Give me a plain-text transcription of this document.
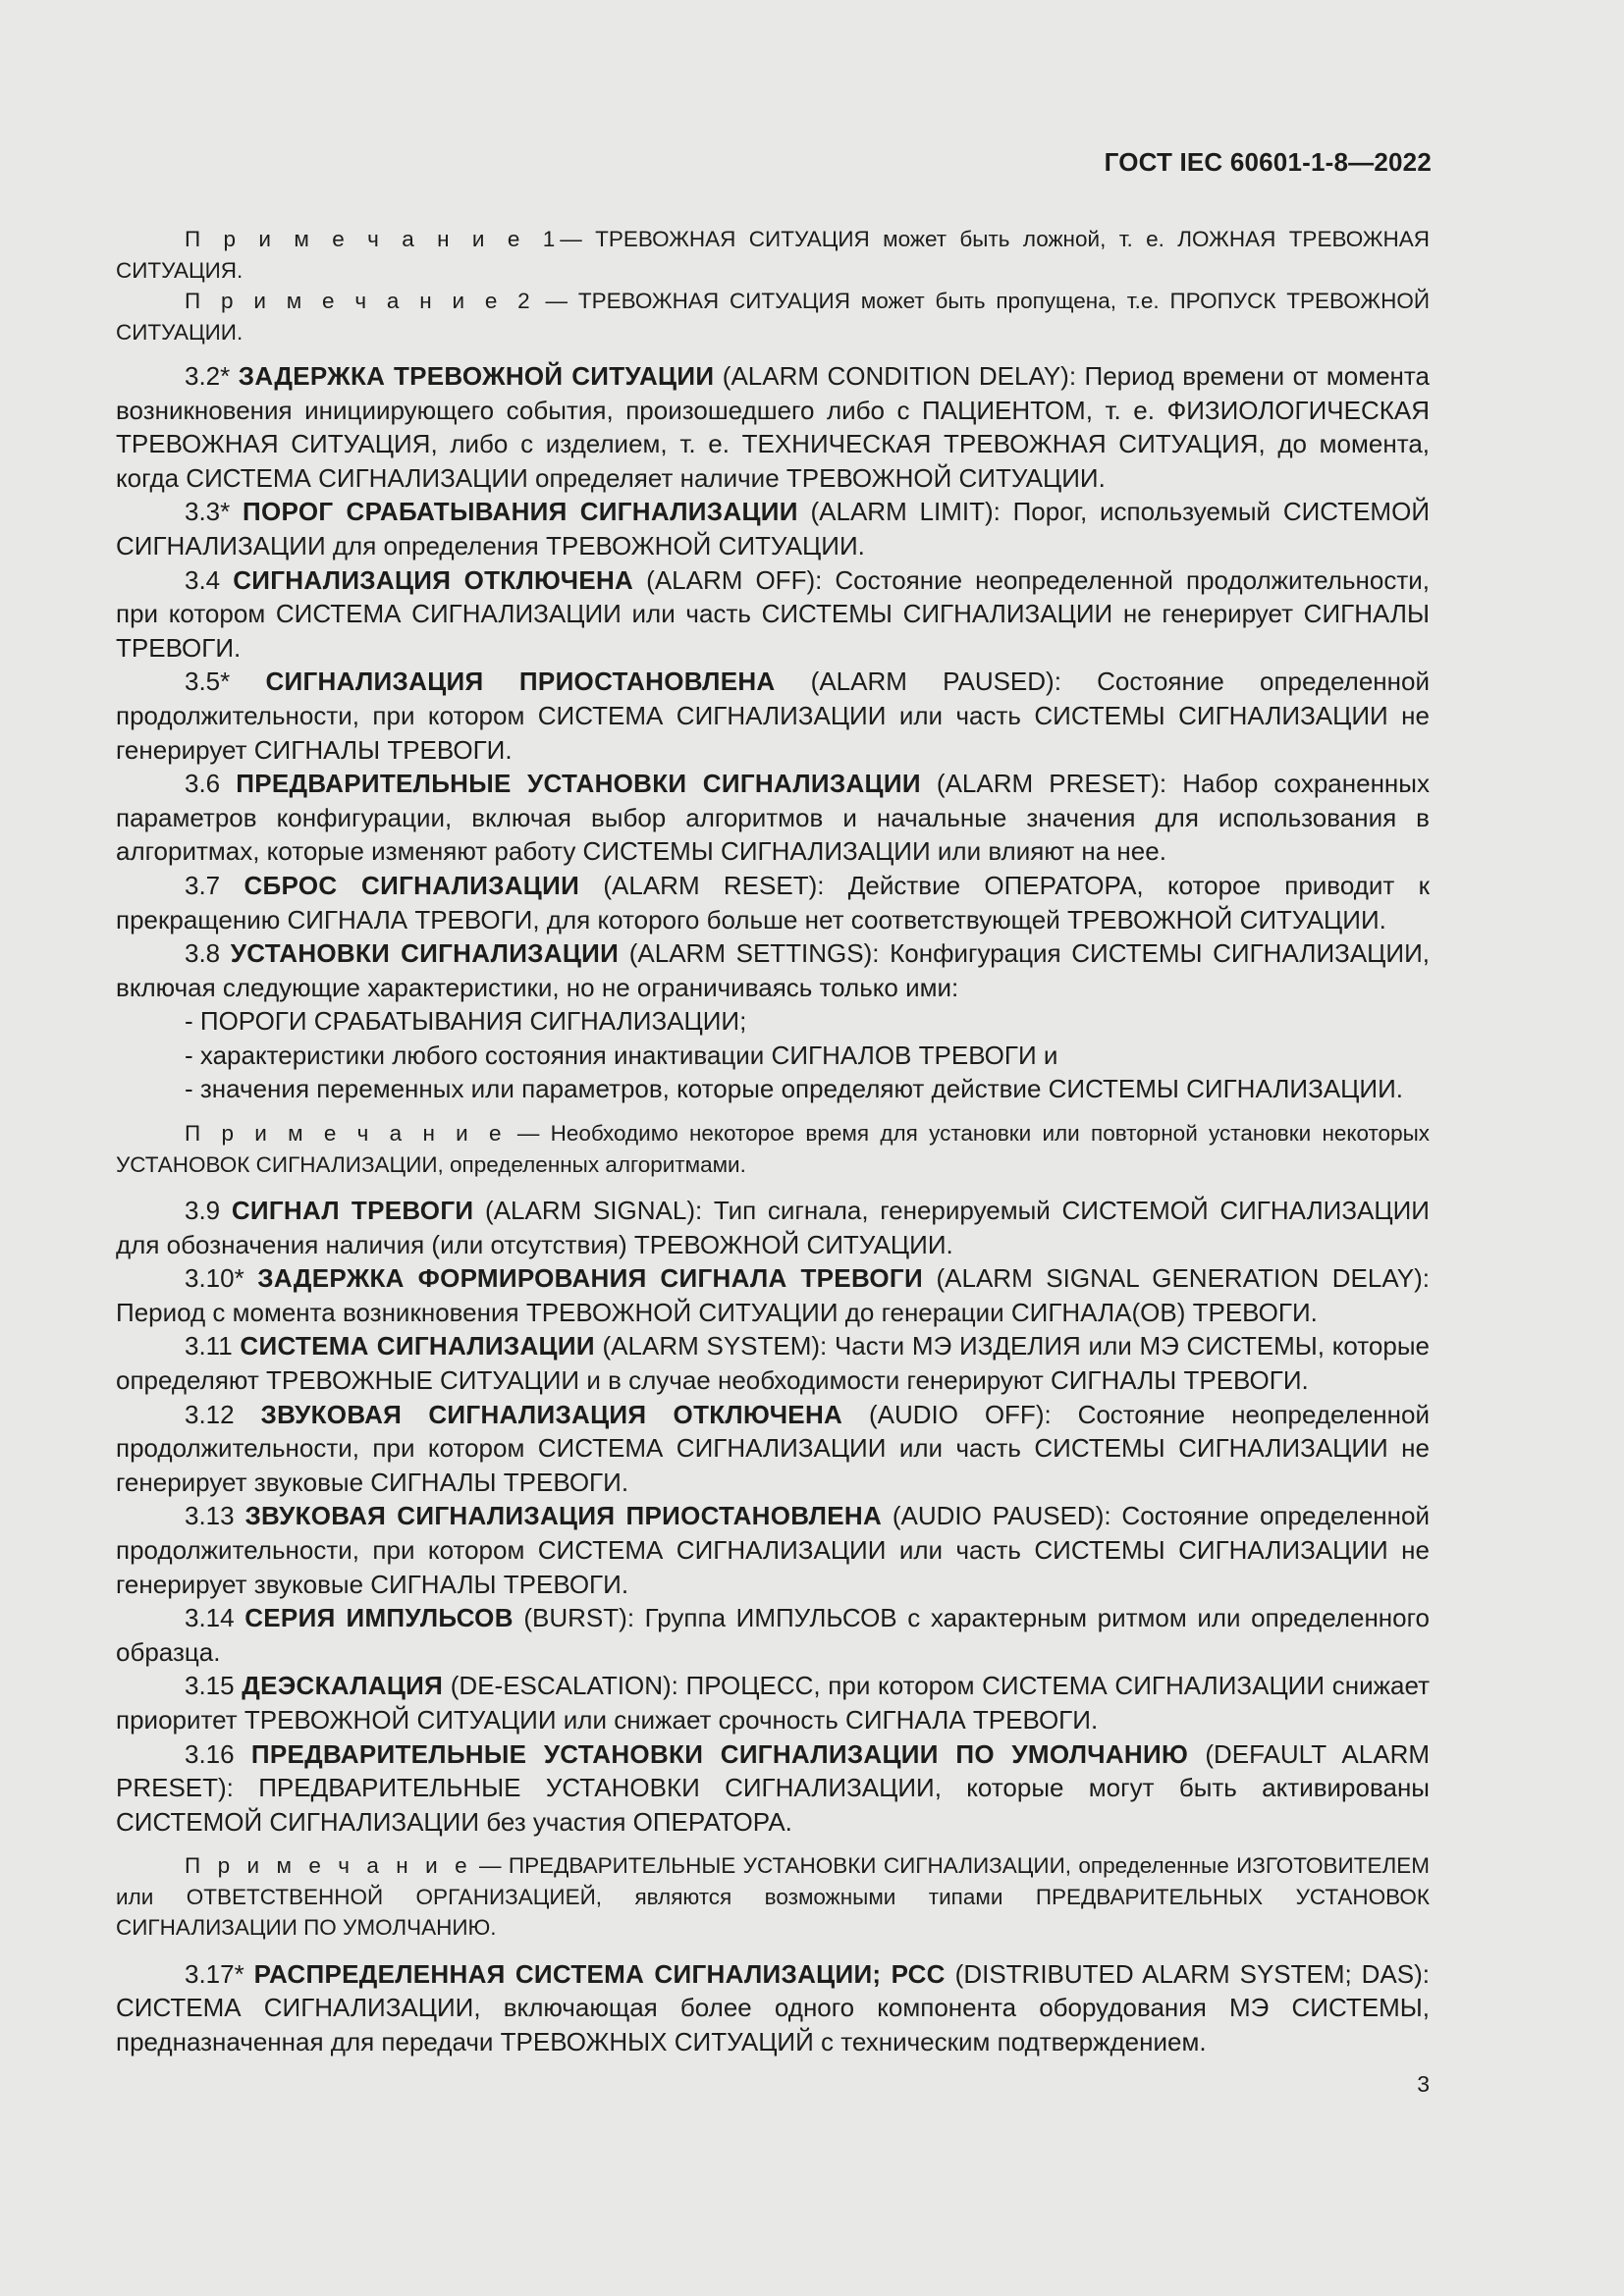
ГОСТ IEC 60601-1-8—2022

П р и м е ч а н и е 1— ТРЕВОЖНАЯ СИТУАЦИЯ может быть ложной, т. е. ЛОЖНАЯ ТРЕВОЖНАЯ СИТУАЦИЯ.

П р и м е ч а н и е 2 — ТРЕВОЖНАЯ СИТУАЦИЯ может быть пропущена, т.е. ПРОПУСК ТРЕВОЖНОЙ СИТУАЦИИ.

3.2* ЗАДЕРЖКА ТРЕВОЖНОЙ СИТУАЦИИ (ALARM CONDITION DELAY): Период времени от момента возникновения инициирующего события, произошедшего либо с ПАЦИЕНТОМ, т. е. ФИЗИОЛОГИЧЕСКАЯ ТРЕВОЖНАЯ СИТУАЦИЯ, либо с изделием, т. е. ТЕХНИЧЕСКАЯ ТРЕВОЖНАЯ СИТУАЦИЯ, до момента, когда СИСТЕМА СИГНАЛИЗАЦИИ определяет наличие ТРЕВОЖНОЙ СИТУАЦИИ.

3.3* ПОРОГ СРАБАТЫВАНИЯ СИГНАЛИЗАЦИИ (ALARM LIMIT): Порог, используемый СИСТЕМОЙ СИГНАЛИЗАЦИИ для определения ТРЕВОЖНОЙ СИТУАЦИИ.

3.4 СИГНАЛИЗАЦИЯ ОТКЛЮЧЕНА (ALARM OFF): Состояние неопределенной продолжительности, при котором СИСТЕМА СИГНАЛИЗАЦИИ или часть СИСТЕМЫ СИГНАЛИЗАЦИИ не генерирует СИГНАЛЫ ТРЕВОГИ.

3.5* СИГНАЛИЗАЦИЯ ПРИОСТАНОВЛЕНА (ALARM PAUSED): Состояние определенной продолжительности, при котором СИСТЕМА СИГНАЛИЗАЦИИ или часть СИСТЕМЫ СИГНАЛИЗАЦИИ не генерирует СИГНАЛЫ ТРЕВОГИ.

3.6 ПРЕДВАРИТЕЛЬНЫЕ УСТАНОВКИ СИГНАЛИЗАЦИИ (ALARM PRESET): Набор сохраненных параметров конфигурации, включая выбор алгоритмов и начальные значения для использования в алгоритмах, которые изменяют работу СИСТЕМЫ СИГНАЛИЗАЦИИ или влияют на нее.

3.7 СБРОС СИГНАЛИЗАЦИИ (ALARM RESET): Действие ОПЕРАТОРА, которое приводит к прекращению СИГНАЛА ТРЕВОГИ, для которого больше нет соответствующей ТРЕВОЖНОЙ СИТУАЦИИ.

3.8 УСТАНОВКИ СИГНАЛИЗАЦИИ (ALARM SETTINGS): Конфигурация СИСТЕМЫ СИГНАЛИЗАЦИИ, включая следующие характеристики, но не ограничиваясь только ими:

- ПОРОГИ СРАБАТЫВАНИЯ СИГНАЛИЗАЦИИ;

- характеристики любого состояния инактивации СИГНАЛОВ ТРЕВОГИ и

- значения переменных или параметров, которые определяют действие СИСТЕМЫ СИГНАЛИЗАЦИИ.

П р и м е ч а н и е — Необходимо некоторое время для установки или повторной установки некоторых УСТАНОВОК СИГНАЛИЗАЦИИ, определенных алгоритмами.

3.9 СИГНАЛ ТРЕВОГИ (ALARM SIGNAL): Тип сигнала, генерируемый СИСТЕМОЙ СИГНАЛИЗАЦИИ для обозначения наличия (или отсутствия) ТРЕВОЖНОЙ СИТУАЦИИ.

3.10* ЗАДЕРЖКА ФОРМИРОВАНИЯ СИГНАЛА ТРЕВОГИ (ALARM SIGNAL GENERATION DELAY): Период с момента возникновения ТРЕВОЖНОЙ СИТУАЦИИ до генерации СИГНАЛА(ОВ) ТРЕВОГИ.

3.11 СИСТЕМА СИГНАЛИЗАЦИИ (ALARM SYSTEM): Части МЭ ИЗДЕЛИЯ или МЭ СИСТЕМЫ, которые определяют ТРЕВОЖНЫЕ СИТУАЦИИ и в случае необходимости генерируют СИГНАЛЫ ТРЕВОГИ.

3.12 ЗВУКОВАЯ СИГНАЛИЗАЦИЯ ОТКЛЮЧЕНА (AUDIO OFF): Состояние неопределенной продолжительности, при котором СИСТЕМА СИГНАЛИЗАЦИИ или часть СИСТЕМЫ СИГНАЛИЗАЦИИ не генерирует звуковые СИГНАЛЫ ТРЕВОГИ.

3.13 ЗВУКОВАЯ СИГНАЛИЗАЦИЯ ПРИОСТАНОВЛЕНА (AUDIO PAUSED): Состояние определенной продолжительности, при котором СИСТЕМА СИГНАЛИЗАЦИИ или часть СИСТЕМЫ СИГНАЛИЗАЦИИ не генерирует звуковые СИГНАЛЫ ТРЕВОГИ.

3.14 СЕРИЯ ИМПУЛЬСОВ (BURST): Группа ИМПУЛЬСОВ с характерным ритмом или определенного образца.

3.15 ДЕЭСКАЛАЦИЯ (DE-ESCALATION): ПРОЦЕСС, при котором СИСТЕМА СИГНАЛИЗАЦИИ снижает приоритет ТРЕВОЖНОЙ СИТУАЦИИ или снижает срочность СИГНАЛА ТРЕВОГИ.

3.16 ПРЕДВАРИТЕЛЬНЫЕ УСТАНОВКИ СИГНАЛИЗАЦИИ ПО УМОЛЧАНИЮ (DEFAULT ALARM PRESET): ПРЕДВАРИТЕЛЬНЫЕ УСТАНОВКИ СИГНАЛИЗАЦИИ, которые могут быть активированы СИСТЕМОЙ СИГНАЛИЗАЦИИ без участия ОПЕРАТОРА.

П р и м е ч а н и е — ПРЕДВАРИТЕЛЬНЫЕ УСТАНОВКИ СИГНАЛИЗАЦИИ, определенные ИЗГОТОВИТЕЛЕМ или ОТВЕТСТВЕННОЙ ОРГАНИЗАЦИЕЙ, являются возможными типами ПРЕДВАРИТЕЛЬНЫХ УСТАНОВОК СИГНАЛИЗАЦИИ ПО УМОЛЧАНИЮ.

3.17* РАСПРЕДЕЛЕННАЯ СИСТЕМА СИГНАЛИЗАЦИИ; РСС (DISTRIBUTED ALARM SYSTEM; DAS): СИСТЕМА СИГНАЛИЗАЦИИ, включающая более одного компонента оборудования МЭ СИСТЕМЫ, предназначенная для передачи ТРЕВОЖНЫХ СИТУАЦИЙ с техническим подтверждением.

3
